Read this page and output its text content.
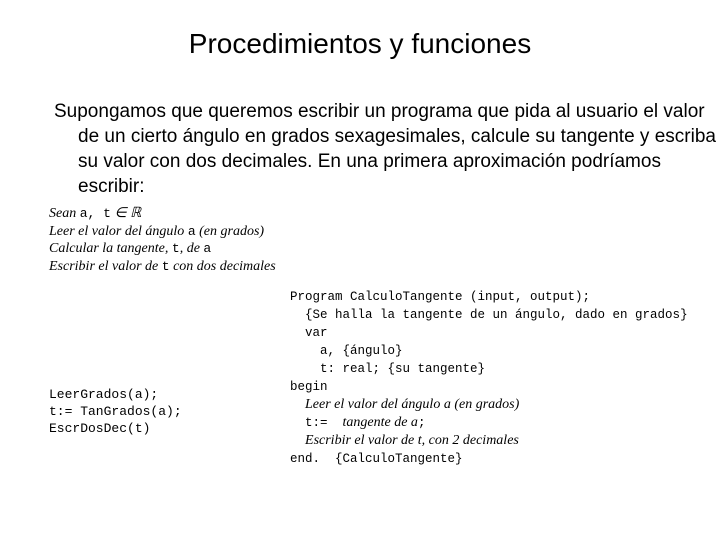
Procedimientos y funciones
Supongamos que queremos escribir un programa que pida al usuario el valor de un cierto ángulo en grados sexagesimales, calcule su tangente y escriba su valor con dos decimales. En una primera aproximación podríamos escribir:
Sean a, t ∈ ℝ
Leer el valor del ángulo a (en grados)
Calcular la tangente, t, de a
Escribir el valor de t con dos decimales
LeerGrados(a);
t:= TanGrados(a);
EscrDosDec(t)
Program CalculoTangente (input, output);
{Se halla la tangente de un ángulo, dado en grados}
var
a, {ángulo}
t: real; {su tangente}
begin
Leer el valor del ángulo a (en grados)
t:=  tangente de a;
Escribir el valor de t, con 2 decimales
end.  {CalculoTangente}
